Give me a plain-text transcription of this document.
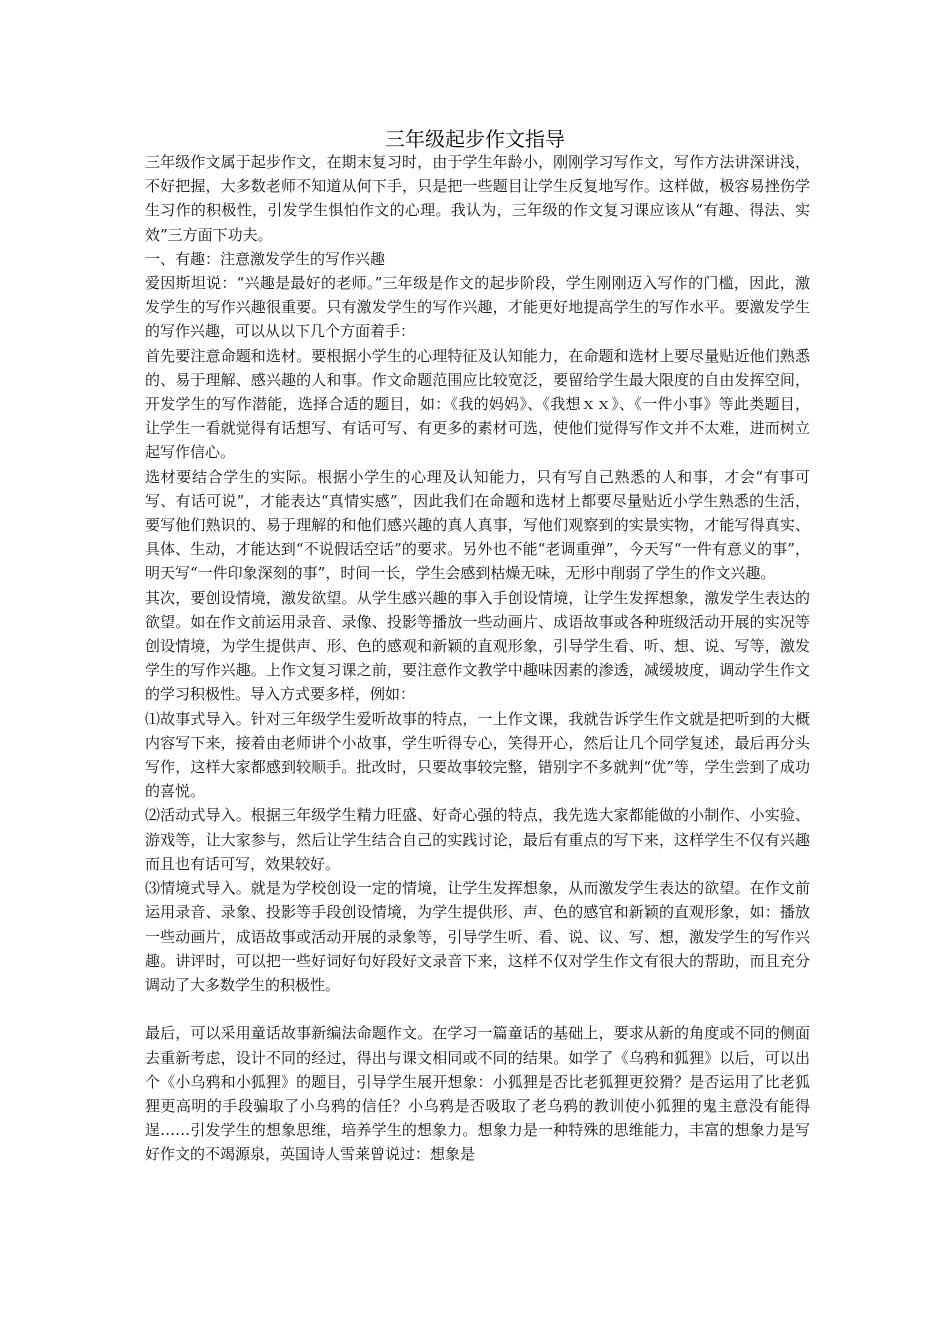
三年级起步作文指导

三年级作文属于起步作文，在期末复习时，由于学生年龄小，刚刚学习写作文，写作方法讲深讲浅，不好把握，大多数老师不知道从何下手，只是把一些题目让学生反复地写作。这样做，极容易挫伤学生习作的积极性，引发学生惧怕作文的心理。我认为，三年级的作文复习课应该从“有趣、得法、实效”三方面下功夫。

一、有趣：注意激发学生的写作兴趣

爱因斯坦说：“兴趣是最好的老师。”三年级是作文的起步阶段，学生刚刚迈入写作的门槛，因此，激发学生的写作兴趣很重要。只有激发学生的写作兴趣，才能更好地提高学生的写作水平。要激发学生的写作兴趣，可以从以下几个方面着手：

首先要注意命题和选材。要根据小学生的心理特征及认知能力，在命题和选材上要尽量贴近他们熟悉的、易于理解、感兴趣的人和事。作文命题范围应比较宽泛，要留给学生最大限度的自由发挥空间，开发学生的写作潜能，选择合适的题目，如：《我的妈妈》、《我想ｘｘ》、《一件小事》等此类题目，让学生一看就觉得有话想写、有话可写、有更多的素材可选，使他们觉得写作文并不太难，进而树立起写作信心。

选材要结合学生的实际。根据小学生的心理及认知能力，只有写自己熟悉的人和事，才会“有事可写、有话可说”，才能表达“真情实感”，因此我们在命题和选材上都要尽量贴近小学生熟悉的生活，要写他们熟识的、易于理解的和他们感兴趣的真人真事，写他们观察到的实景实物，才能写得真实、具体、生动，才能达到“不说假话空话”的要求。另外也不能“老调重弹”，今天写“一件有意义的事”，明天写“一件印象深刻的事”，时间一长，学生会感到枯燥无味，无形中削弱了学生的作文兴趣。

其次，要创设情境，激发欲望。从学生感兴趣的事入手创设情境，让学生发挥想象，激发学生表达的欲望。如在作文前运用录音、录像、投影等播放一些动画片、成语故事或各种班级活动开展的实况等创设情境，为学生提供声、形、色的感观和新颖的直观形象，引导学生看、听、想、说、写等，激发学生的写作兴趣。上作文复习课之前，要注意作文教学中趣味因素的渗透，减缓坡度，调动学生作文的学习积极性。导入方式要多样，例如：

⑴故事式导入。针对三年级学生爱听故事的特点，一上作文课，我就告诉学生作文就是把听到的大概内容写下来，接着由老师讲个小故事，学生听得专心，笑得开心，然后让几个同学复述，最后再分头写作，这样大家都感到较顺手。批改时，只要故事较完整，错别字不多就判“优”等，学生尝到了成功的喜悦。

⑵活动式导入。根据三年级学生精力旺盛、好奇心强的特点，我先选大家都能做的小制作、小实验、游戏等，让大家参与，然后让学生结合自己的实践讨论，最后有重点的写下来，这样学生不仅有兴趣而且也有话可写，效果较好。

⑶情境式导入。就是为学校创设一定的情境，让学生发挥想象，从而激发学生表达的欲望。在作文前运用录音、录象、投影等手段创设情境，为学生提供形、声、色的感官和新颖的直观形象，如：播放一些动画片，成语故事或活动开展的录象等，引导学生听、看、说、议、写、想，激发学生的写作兴趣。讲评时，可以把一些好词好句好段好文录音下来，这样不仅对学生作文有很大的帮助，而且充分调动了大多数学生的积极性。

最后，可以采用童话故事新编法命题作文。在学习一篇童话的基础上，要求从新的角度或不同的侧面去重新考虑，设计不同的经过，得出与课文相同或不同的结果。如学了《乌鸦和狐狸》以后，可以出个《小乌鸦和小狐狸》的题目，引导学生展开想象：小狐狸是否比老狐狸更狡猾？是否运用了比老狐狸更高明的手段骗取了小乌鸦的信任？小乌鸦是否吸取了老乌鸦的教训使小狐狸的鬼主意没有能得逞……引发学生的想象思维，培养学生的想象力。想象力是一种特殊的思维能力，丰富的想象力是写好作文的不竭源泉，英国诗人雪莱曾说过：想象是
